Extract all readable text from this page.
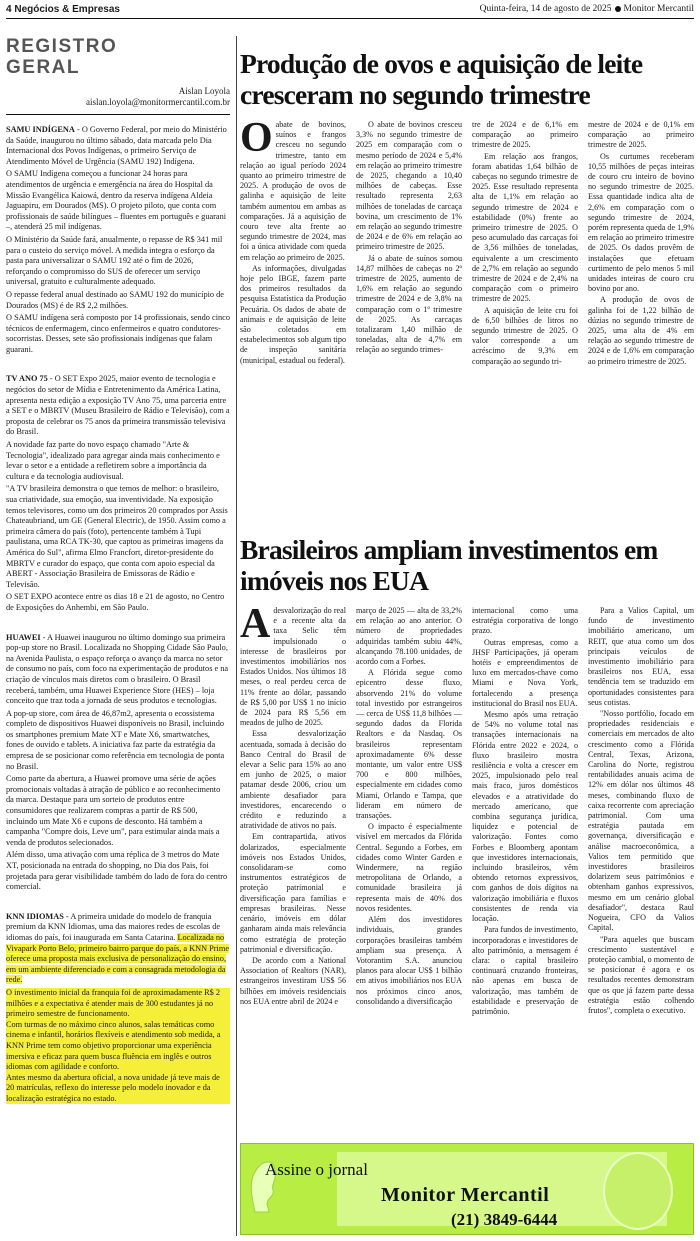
4 Negócios & Empresas	Quinta-feira, 14 de agosto de 2025 Monitor Mercantil
REGISTRO
GERAL
Aislan Loyola
aislan.loyola@monitormercantil.com.br

SAMU INDÍGENA - O Governo Federal, por meio do Ministério da Saúde, inaugurou no último sábado, data marcada pelo Dia Internacional dos Povos Indígenas, o primeiro Serviço de Atendimento Móvel de Urgência (SAMU 192) Indígena.

O SAMU Indígena começou a funcionar 24 horas para atendimentos de urgência e emergência na área do Hospital da Missão Evangélica Kaiowá, dentro da reserva indígena Aldeia Jaguapiru, em Dourados (MS). O projeto piloto, que conta com profissionais de saúde bilíngues – fluentes em português e guarani –, atenderá 25 mil indígenas.

O Ministério da Saúde fará, anualmente, o repasse de R$ 341 mil para o custeio do serviço móvel. A medida integra o esforço da pasta para universalizar o SAMU 192 até o fim de 2026, reforçando o compromisso do SUS de oferecer um serviço universal, gratuito e culturalmente adequado.

O repasse federal anual destinado ao SAMU 192 do município de Dourados (MS) é de R$ 2,2 milhões.

O SAMU indígena será composto por 14 profissionais, sendo cinco técnicos de enfermagem, cinco enfermeiros e quatro condutores-socorristas. Desses, sete são profissionais indígenas que falam guarani.

TV ANO 75 - O SET Expo 2025, maior evento de tecnologia e negócios do setor de Mídia e Entretenimento da América Latina, apresenta nesta edição a exposição TV Ano 75, uma parceria entre a SET e o MBRTV (Museu Brasileiro de Rádio e Televisão), com a proposta de celebrar os 75 anos da primeira transmissão televisiva do Brasil.

A novidade faz parte do novo espaço chamado "Arte & Tecnologia", idealizado para agregar ainda mais conhecimento e levar o setor e a entidade a refletirem sobre a importância da cultura e da tecnologia audiovisual.

"A TV brasileira demonstra o que temos de melhor: o brasileiro, sua criatividade, sua emoção, sua inventividade. Na exposição temos televisores, como um dos primeiros 20 comprados por Assis Chateaubriand, um GE (General Electric), de 1950. Assim como a primeira câmera do país (foto), pertencente também à Tupi paulistana, uma RCA TK-30, que captou as primeiras imagens da América do Sul", afirma Elmo Francfort, diretor-presidente do MBRTV e curador do espaço, que conta com apoio especial da ABERT - Associação Brasileira de Emissoras de Rádio e Televisão.

O SET EXPO acontece entre os dias 18 e 21 de agosto, no Centro de Exposições do Anhembi, em São Paulo.

HUAWEI - A Huawei inaugurou no último domingo sua primeira pop-up store no Brasil. Localizada no Shopping Cidade São Paulo, na Avenida Paulista, o espaço reforça o avanço da marca no setor de consumo no país, com foco na experimentação de produtos e na criação de vínculos mais diretos com o brasileiro. O Brasil receberá, também, uma Huawei Experience Store (HES) – loja conceito que traz toda a jornada de seus produtos e tecnologias.

A pop-up store, com área de 46,87m2, apresenta o ecossistema completo de dispositivos Huawei disponíveis no Brasil, incluindo os smartphones premium Mate XT e Mate X6, smartwatches, fones de ouvido e tablets. A iniciativa faz parte da estratégia da empresa de se posicionar como referência em tecnologia de ponta no Brasil.

Como parte da abertura, a Huawei promove uma série de ações promocionais voltadas à atração de público e ao reconhecimento da marca. Destaque para um sorteio de produtos entre consumidores que realizarem compras a partir de R$ 500, incluindo um Mate X6 e cupons de desconto. Há também a campanha "Compre dois, Leve um", para estimular ainda mais a venda de produtos selecionados.

Além disso, uma ativação com uma réplica de 3 metros do Mate XT, posicionada na entrada do shopping, no Dia dos Pais, foi projetada para gerar visibilidade também do lado de fora do centro comercial.

KNN IDIOMAS - A primeira unidade do modelo de franquia premium da KNN Idiomas, uma das maiores redes de escolas de idiomas do país, foi inaugurada em Santa Catarina. Localizada no Vivapark Porto Belo, primeiro bairro parque do país, a KNN Prime oferece uma proposta mais exclusiva de personalização do ensino, em um ambiente diferenciado e com a consagrada metodologia da rede.

O investimento inicial da franquia foi de aproximadamente R$ 2 milhões e a expectativa é atender mais de 300 estudantes já no primeiro semestre de funcionamento.

Com turmas de no máximo cinco alunos, salas temáticas como cinema e infantil, horários flexíveis e atendimento sob medida, a KNN Prime tem como objetivo proporcionar uma experiência imersiva e eficaz para quem busca fluência em inglês e outros idiomas com agilidade e conforto.

Antes mesmo da abertura oficial, a nova unidade já teve mais de 20 matrículas, reflexo do interesse pelo modelo inovador e da localização estratégica no estado.

Produção de ovos e aquisição de leite cresceram no segundo trimestre

Oabate de bovinos, suínos e frangos cresceu no segundo trimestre, tanto em relação ao igual período 2024 quanto ao primeiro trimestre de 2025. A produção de ovos de galinha e aquisição de leite também aumentou em ambas as comparações. Já a aquisição de couro teve alta frente ao segundo trimestre de 2024, mas foi a única atividade com queda em relação ao primeiro de 2025.

As informações, divulgadas hoje pelo IBGE, fazem parte dos primeiros resultados da pesquisa Estatística da Produção Pecuária. Os dados de abate de animais e de aquisição de leite são coletados em estabelecimentos sob algum tipo de inspeção sanitária (municipal, estadual ou federal).

O abate de bovinos cresceu 3,3% no segundo trimestre de 2025 em comparação com o mesmo período de 2024 e 5,4% em relação ao primeiro trimestre de 2025, chegando a 10,40 milhões de cabeças. Esse resultado representa 2,63 milhões de toneladas de carcaça bovina, um crescimento de 1% em relação ao segundo trimestre de 2024 e de 6% em relação ao primeiro trimestre de 2025.

Já o abate de suínos somou 14,87 milhões de cabeças no 2º trimestre de 2025, aumento de 1,6% em relação ao segundo trimestre de 2024 e de 3,8% na comparação com o 1º trimestre de 2025. As carcaças totalizaram 1,40 milhão de toneladas, alta de 4,7% em relação ao segundo trimes-

tre de 2024 e de 6,1% em comparação ao primeiro trimestre de 2025.

Em relação aos frangos, foram abatidas 1,64 bilhão de cabeças no segundo trimestre de 2025. Esse resultado representa alta de 1,1% em relação ao segundo trimestre de 2024 e estabilidade (0%) frente ao primeiro trimestre de 2025. O peso acumulado das carcaças foi de 3,56 milhões de toneladas, equivalente a um crescimento de 2,7% em relação ao segundo trimestre de 2024 e de 2,4% na comparação com o primeiro trimestre de 2025.

A aquisição de leite cru foi de 6,50 bilhões de litros no segundo trimestre de 2025. O valor corresponde a um acréscimo de 9,3% em comparação ao segundo tri-

mestre de 2024 e de 0,1% em comparação ao primeiro trimestre de 2025.

Os curtumes receberam 10,55 milhões de peças inteiras de couro cru inteiro de bovino no segundo trimestre de 2025. Essa quantidade indica alta de 2,6% em comparação com o segundo trimestre de 2024, porém representa queda de 1,9% em relação ao primeiro trimestre de 2025. Os dados provêm de instalações que efetuam curtimento de pelo menos 5 mil unidades inteiras de couro cru bovino por ano.

A produção de ovos de galinha foi de 1,22 bilhão de dúzias no segundo trimestre de 2025, uma alta de 4% em relação ao segundo trimestre de 2024 e de 1,6% em comparação ao primeiro trimestre de 2025.

Brasileiros ampliam investimentos em imóveis nos EUA

Adesvalorização do real e a recente alta da taxa Selic têm impulsionado o interesse de brasileiros por investimentos imobiliários nos Estados Unidos. Nos últimos 18 meses, o real perdeu cerca de 11% frente ao dólar, passando de R$ 5,00 por US$ 1 no início de 2024 para R$ 5,56 em meados de julho de 2025.

Essa desvalorização acentuada, somada à decisão do Banco Central do Brasil de elevar a Selic para 15% ao ano em junho de 2025, o maior patamar desde 2006, criou um ambiente desafiador para investidores, encarecendo o crédito e reduzindo a atratividade de ativos no país.

Em contrapartida, ativos dolarizados, especialmente imóveis nos Estados Unidos, consolidaram-se como instrumentos estratégicos de proteção patrimonial e diversificação para famílias e empresas brasileiras. Nesse cenário, imóveis em dólar ganharam ainda mais relevância como estratégia de proteção patrimonial e diversificação.

De acordo com a National Association of Realtors (NAR), estrangeiros investiram US$ 56 bilhões em imóveis residenciais nos EUA entre abril de 2024 e

março de 2025 — alta de 33,2% em relação ao ano anterior. O número de propriedades adquiridas também subiu 44%, alcançando 78.100 unidades, de acordo com a Forbes.

A Flórida segue como epicentro desse fluxo, absorvendo 21% do volume total investido por estrangeiros — cerca de US$ 11,8 bilhões — segundo dados da Florida Realtors e da Nasdaq. Os brasileiros representam aproximadamente 6% desse montante, um valor entre US$ 700 e 800 milhões, especialmente em cidades como Miami, Orlando e Tampa, que lideram em número de transações.

O impacto é especialmente visível em mercados da Flórida Central. Segundo a Forbes, em cidades como Winter Garden e Windermere, na região metropolitana de Orlando, a comunidade brasileira já representa mais de 40% dos novos residentes.

Além dos investidores individuais, grandes corporações brasileiras também ampliam sua presença. A Votorantim S.A. anunciou planos para alocar US$ 1 bilhão em ativos imobiliários nos EUA nos próximos cinco anos, consolidando a diversificação

internacional como uma estratégia corporativa de longo prazo.

Outras empresas, como a JHSF Participações, já operam hotéis e empreendimentos de luxo em mercados-chave como Miami e Nova York, fortalecendo a presença institucional do Brasil nos EUA.

Mesmo após uma retração de 54% no volume total nas transações internacionais na Flórida entre 2022 e 2024, o fluxo brasileiro mostra resiliência e volta a crescer em 2025, impulsionado pelo real mais fraco, juros domésticos elevados e a atratividade do mercado americano, que combina segurança jurídica, liquidez e potencial de valorização. Fontes como Forbes e Bloomberg apontam que investidores internacionais, incluindo brasileiros, vêm obtendo retornos expressivos, com ganhos de dois dígitos na valorização imobiliária e fluxos consistentes de renda via locação.

Para fundos de investimento, incorporadoras e investidores de alto patrimônio, a mensagem é clara: o capital brasileiro continuará cruzando fronteiras, não apenas em busca de valorização, mas também de estabilidade e preservação de patrimônio.

Para a Valios Capital, um fundo de investimento imobiliário americano, um REIT, que atua como um dos principais veículos de investimento imobiliário para brasileiros nos EUA, essa tendência tem se traduzido em oportunidades consistentes para seus cotistas.

"Nosso portfólio, focado em propriedades residenciais e comerciais em mercados de alto crescimento como a Flórida Central, Texas, Arizona, Carolina do Norte, registrou rentabilidades anuais acima de 12% em dólar nos últimos 48 meses, combinando fluxo de caixa recorrente com apreciação patrimonial. Com uma estratégia pautada em governança, diversificação e análise macroeconômica, a Valios tem permitido que investidores brasileiros dolarizem seus patrimônios e obtenham ganhos expressivos, mesmo em um cenário global desafiador", destaca Raul Nogueira, CFO da Valios Capital.

"Para aqueles que buscam crescimento sustentável e proteção cambial, o momento de se posicionar é agora e os resultados recentes demonstram que os que já fazem parte dessa estratégia estão colhendo frutos", completa o executivo.

Assine o jornal
Monitor Mercantil
(21) 3849-6444
